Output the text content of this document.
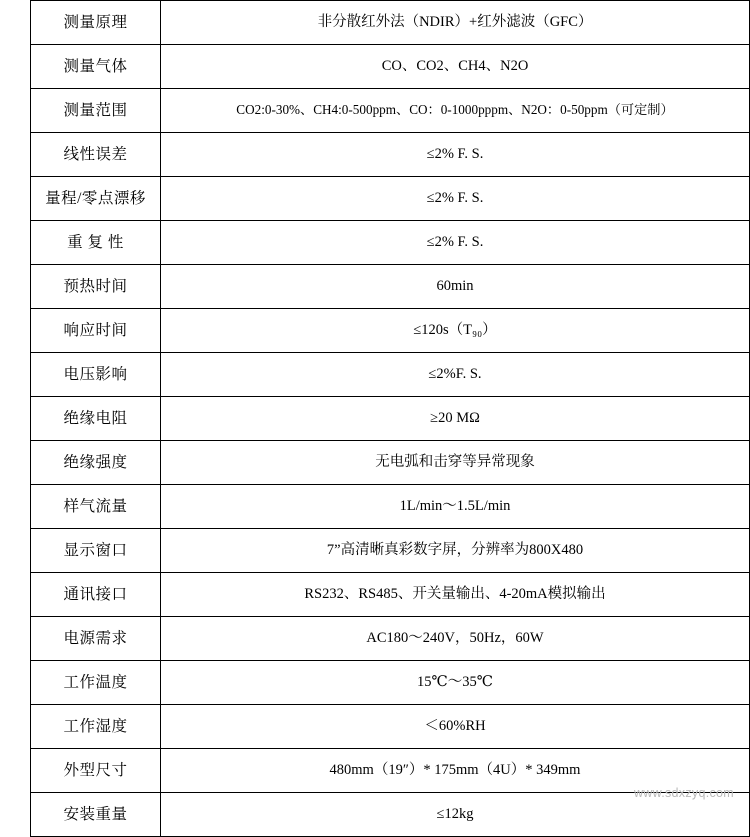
测量原理	非分散红外法（NDIR）+红外滤波（GFC）

测量气体	CO、CO2、CH4、N2O

测量范围	CO2:0-30%、CH4:0-500ppm、CO：0-1000pppm、N2O：0-50ppm（可定制）

线性误差	≤2% F. S.

量程/零点漂移	≤2% F. S.

重 复 性	≤2% F. S.

预热时间	60min

响应时间	≤120s（T₉₀）

电压影响	≤2%F. S.

绝缘电阻	≥20 MΩ

绝缘强度	无电弧和击穿等异常现象

样气流量	1L/min～1.5L/min

显示窗口	7”高清晰真彩数字屏，分辨率为800X480

通讯接口	RS232、RS485、开关量输出、4-20mA模拟输出

电源需求	AC180～240V，50Hz，60W

工作温度	15℃～35℃

工作湿度	＜60%RH

外型尺寸	480mm（19″）* 175mm（4U）* 349mm

安装重量	≤12kg
www.sdxzyq.com
